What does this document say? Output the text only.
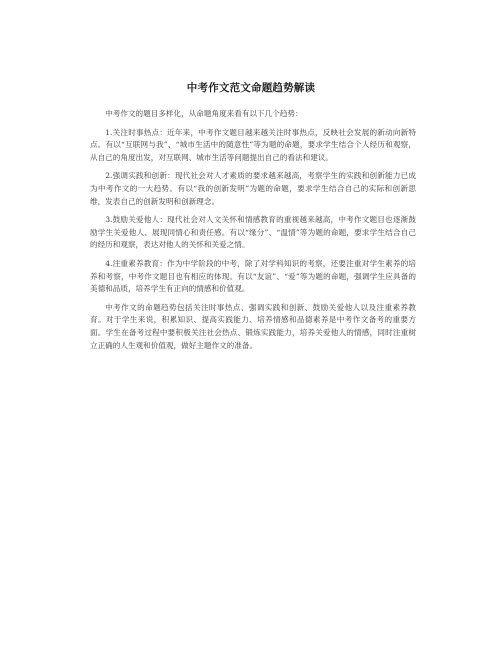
中考作文范文命题趋势解读

中考作文的题目多样化，从命题角度来看有以下几个趋势：

1.关注时事热点：近年来，中考作文题目越来越关注时事热点，反映社会发展的新动向新特点。有以“互联网与我”、“城市生活中的随意性”等为题的命题，要求学生结合个人经历和观察，从自己的角度出发，对互联网、城市生活等问题提出自己的看法和建议。

2.强调实践和创新：现代社会对人才素质的要求越来越高，考察学生的实践和创新能力已成为中考作文的一大趋势。有以“我的创新发明”为题的命题，要求学生结合自己的实际和创新思维，发表自己的创新发明和创新理念。

3.鼓励关爱他人：现代社会对人文关怀和情感教育的重视越来越高，中考作文题目也逐渐鼓励学生关爱他人、展现同情心和责任感。有以“缘分”、“温情”等为题的命题，要求学生结合自己的经历和观察，表达对他人的关怀和关爱之情。

4.注重素养教育：作为中学阶段的中考，除了对学科知识的考察，还要注重对学生素养的培养和考察，中考作文题目也有相应的体现。有以“友谊”、“爱”等为题的命题，强调学生应具备的美德和品质，培养学生有正向的情感和价值观。

中考作文的命题趋势包括关注时事热点、强调实践和创新、鼓励关爱他人以及注重素养教育。对于学生来说，积累知识、提高实践能力、培养情感和品德素养是中考作文备考的重要方面。学生在备考过程中要积极关注社会热点、锻炼实践能力，培养关爱他人的情感，同时注重树立正确的人生观和价值观，做好主题作文的准备。
